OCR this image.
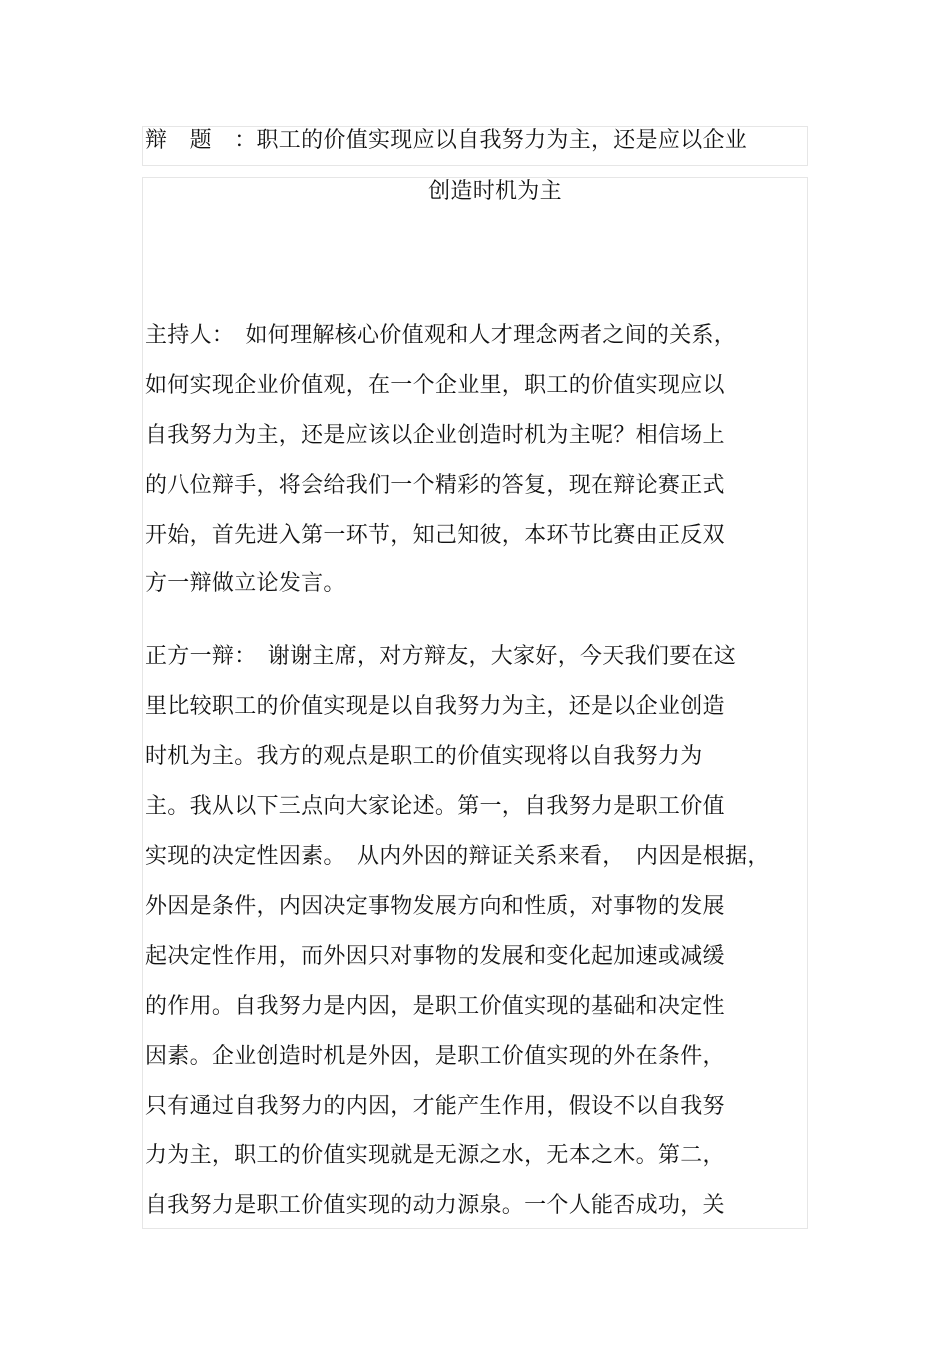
辩　题　：职工的价值实现应以自我努力为主，还是应以企业
创造时机为主
主持人：　如何理解核心价值观和人才理念两者之间的关系，
如何实现企业价值观，在一个企业里，职工的价值实现应以
自我努力为主，还是应该以企业创造时机为主呢？相信场上
的八位辩手，将会给我们一个精彩的答复，现在辩论赛正式
开始，首先进入第一环节，知己知彼，本环节比赛由正反双
方一辩做立论发言。
正方一辩：　谢谢主席，对方辩友，大家好，今天我们要在这
里比较职工的价值实现是以自我努力为主，还是以企业创造
时机为主。我方的观点是职工的价值实现将以自我努力为
主。我从以下三点向大家论述。第一，自我努力是职工价值
实现的决定性因素。　从内外因的辩证关系来看，　内因是根据，
外因是条件，内因决定事物发展方向和性质，对事物的发展
起决定性作用，而外因只对事物的发展和变化起加速或减缓
的作用。自我努力是内因，是职工价值实现的基础和决定性
因素。企业创造时机是外因，是职工价值实现的外在条件，
只有通过自我努力的内因，才能产生作用，假设不以自我努
力为主，职工的价值实现就是无源之水，无本之木。第二，
自我努力是职工价值实现的动力源泉。一个人能否成功，关
